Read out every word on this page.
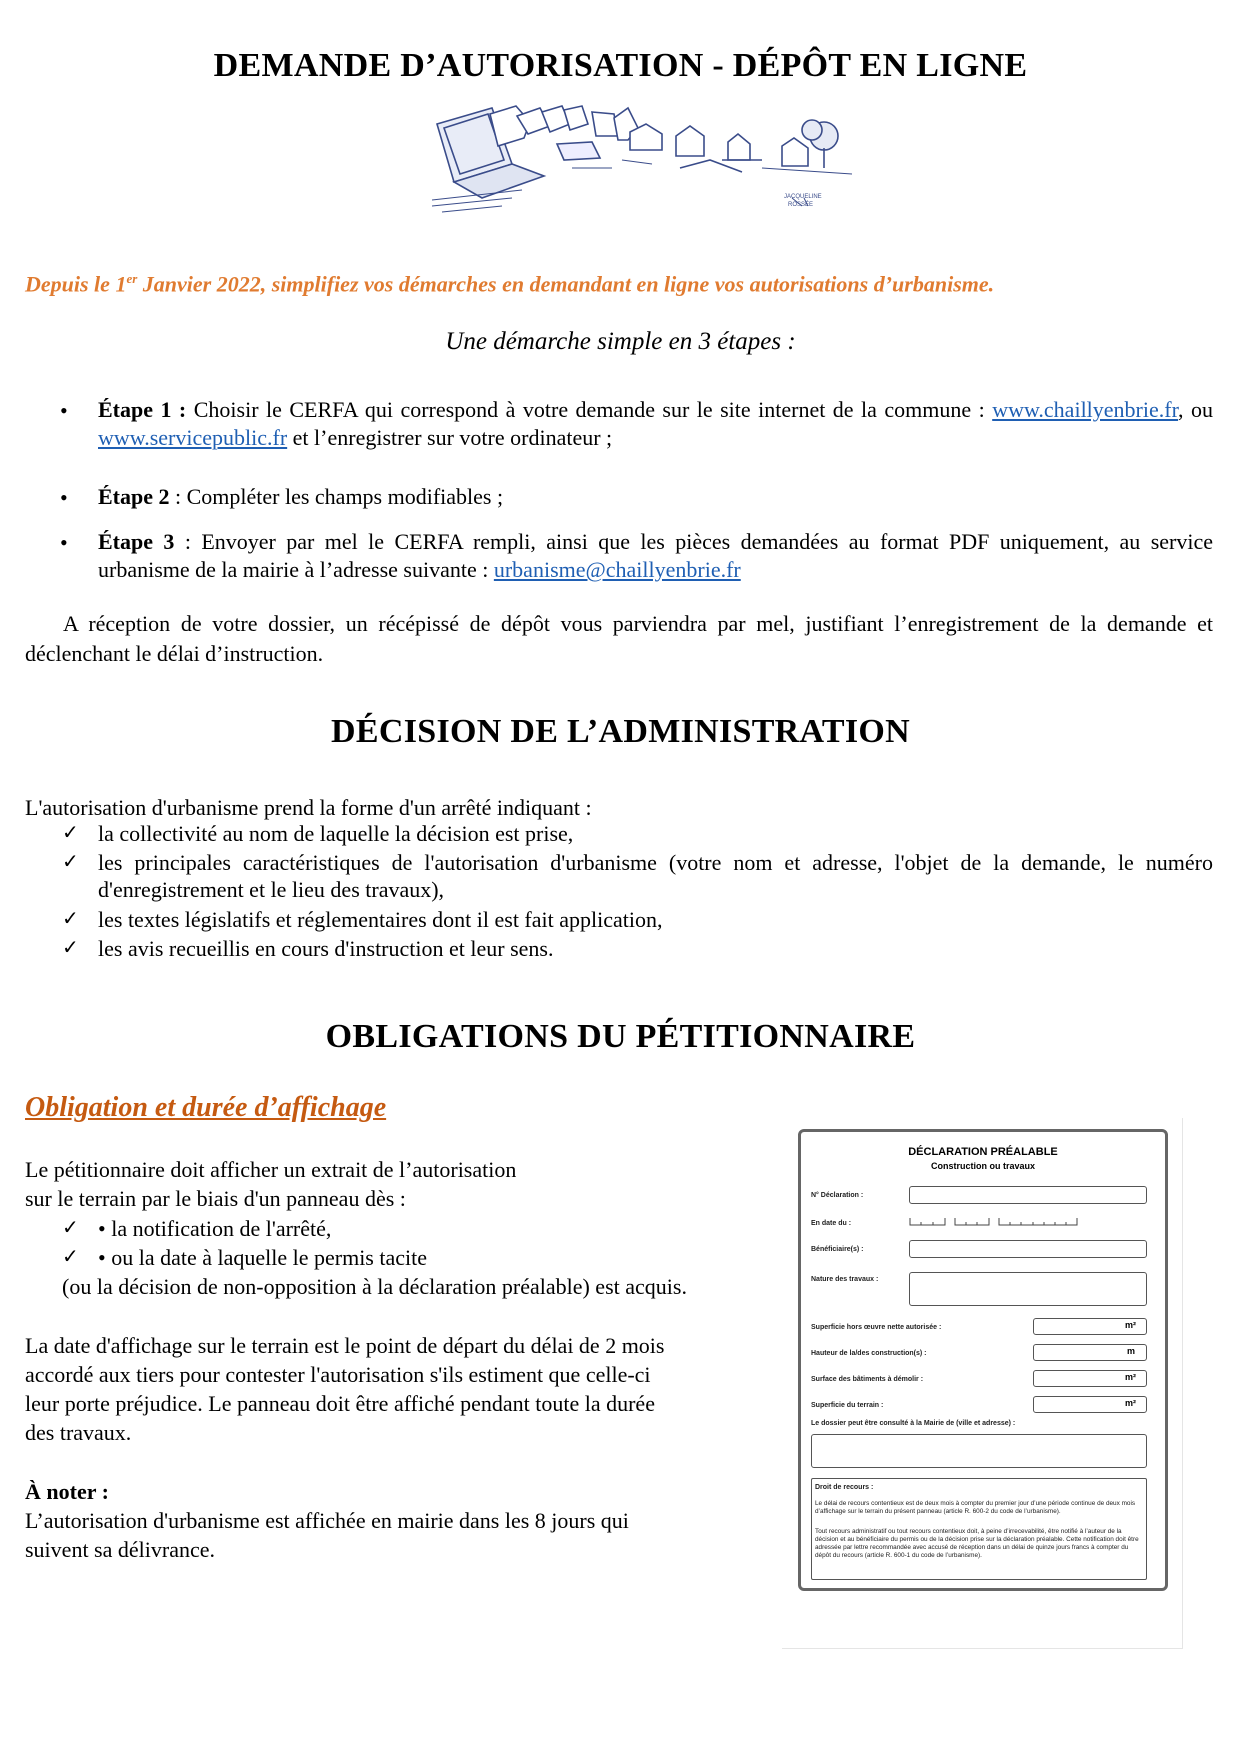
DEMANDE D’AUTORISATION - DÉPÔT EN LIGNE
JACQUELINE
ROSSÉE
Depuis le 1er Janvier 2022, simplifiez vos démarches en demandant en ligne vos autorisations d’urbanisme.
Une démarche simple en 3 étapes :
• Étape 1 : Choisir le CERFA qui correspond à votre demande sur le site internet de la commune : www.chaillyenbrie.fr, ou www.servicepublic.fr et l’enregistrer sur votre ordinateur ;
• Étape 2 : Compléter les champs modifiables ;
• Étape 3 : Envoyer par mel le CERFA rempli, ainsi que les pièces demandées au format PDF uniquement, au service urbanisme de la mairie à l’adresse suivante : urbanisme@chaillyenbrie.fr
A réception de votre dossier, un récépissé de dépôt vous parviendra par mel, justifiant l’enregistrement de la demande et déclenchant le délai d’instruction.
DÉCISION DE L’ADMINISTRATION
L'autorisation d'urbanisme prend la forme d'un arrêté indiquant :
✓ la collectivité au nom de laquelle la décision est prise,
✓ les principales caractéristiques de l'autorisation d'urbanisme (votre nom et adresse, l'objet de la demande, le numéro d'enregistrement et le lieu des travaux),
✓ les textes législatifs et réglementaires dont il est fait application,
✓ les avis recueillis en cours d'instruction et leur sens.
OBLIGATIONS DU PÉTITIONNAIRE
Obligation et durée d’affichage
Le pétitionnaire doit afficher un extrait de l’autorisation
sur le terrain par le biais d'un panneau dès :
✓ • la notification de l'arrêté,
✓ • ou la date à laquelle le permis tacite
(ou la décision de non-opposition à la déclaration préalable) est acquis.
La date d'affichage sur le terrain est le point de départ du délai de 2 mois
accordé aux tiers pour contester l'autorisation s'ils estiment que celle-ci
leur porte préjudice. Le panneau doit être affiché pendant toute la durée
des travaux.
À noter :
L’autorisation d'urbanisme est affichée en mairie dans les 8 jours qui
suivent sa délivrance.
DÉCLARATION PRÉALABLE
Construction ou travaux
N° Déclaration :
En date du :
Bénéficiaire(s) :
Nature des travaux :
Superficie hors œuvre nette autorisée :	m²
Hauteur de la/des construction(s) :	m
Surface des bâtiments à démolir :	m²
Superficie du terrain :	m²
Le dossier peut être consulté à la Mairie de (ville et adresse) :
Droit de recours :
Le délai de recours contentieux est de deux mois à compter du premier jour d’une période continue de deux mois d’affichage sur le terrain du présent panneau (article R. 600-2 du code de l’urbanisme).
Tout recours administratif ou tout recours contentieux doit, à peine d’irrecevabilité, être notifié à l’auteur de la décision et au bénéficiaire du permis ou de la décision prise sur la déclaration préalable. Cette notification doit être adressée par lettre recommandée avec accusé de réception dans un délai de quinze jours francs à compter du dépôt du recours (article R. 600-1 du code de l’urbanisme).
